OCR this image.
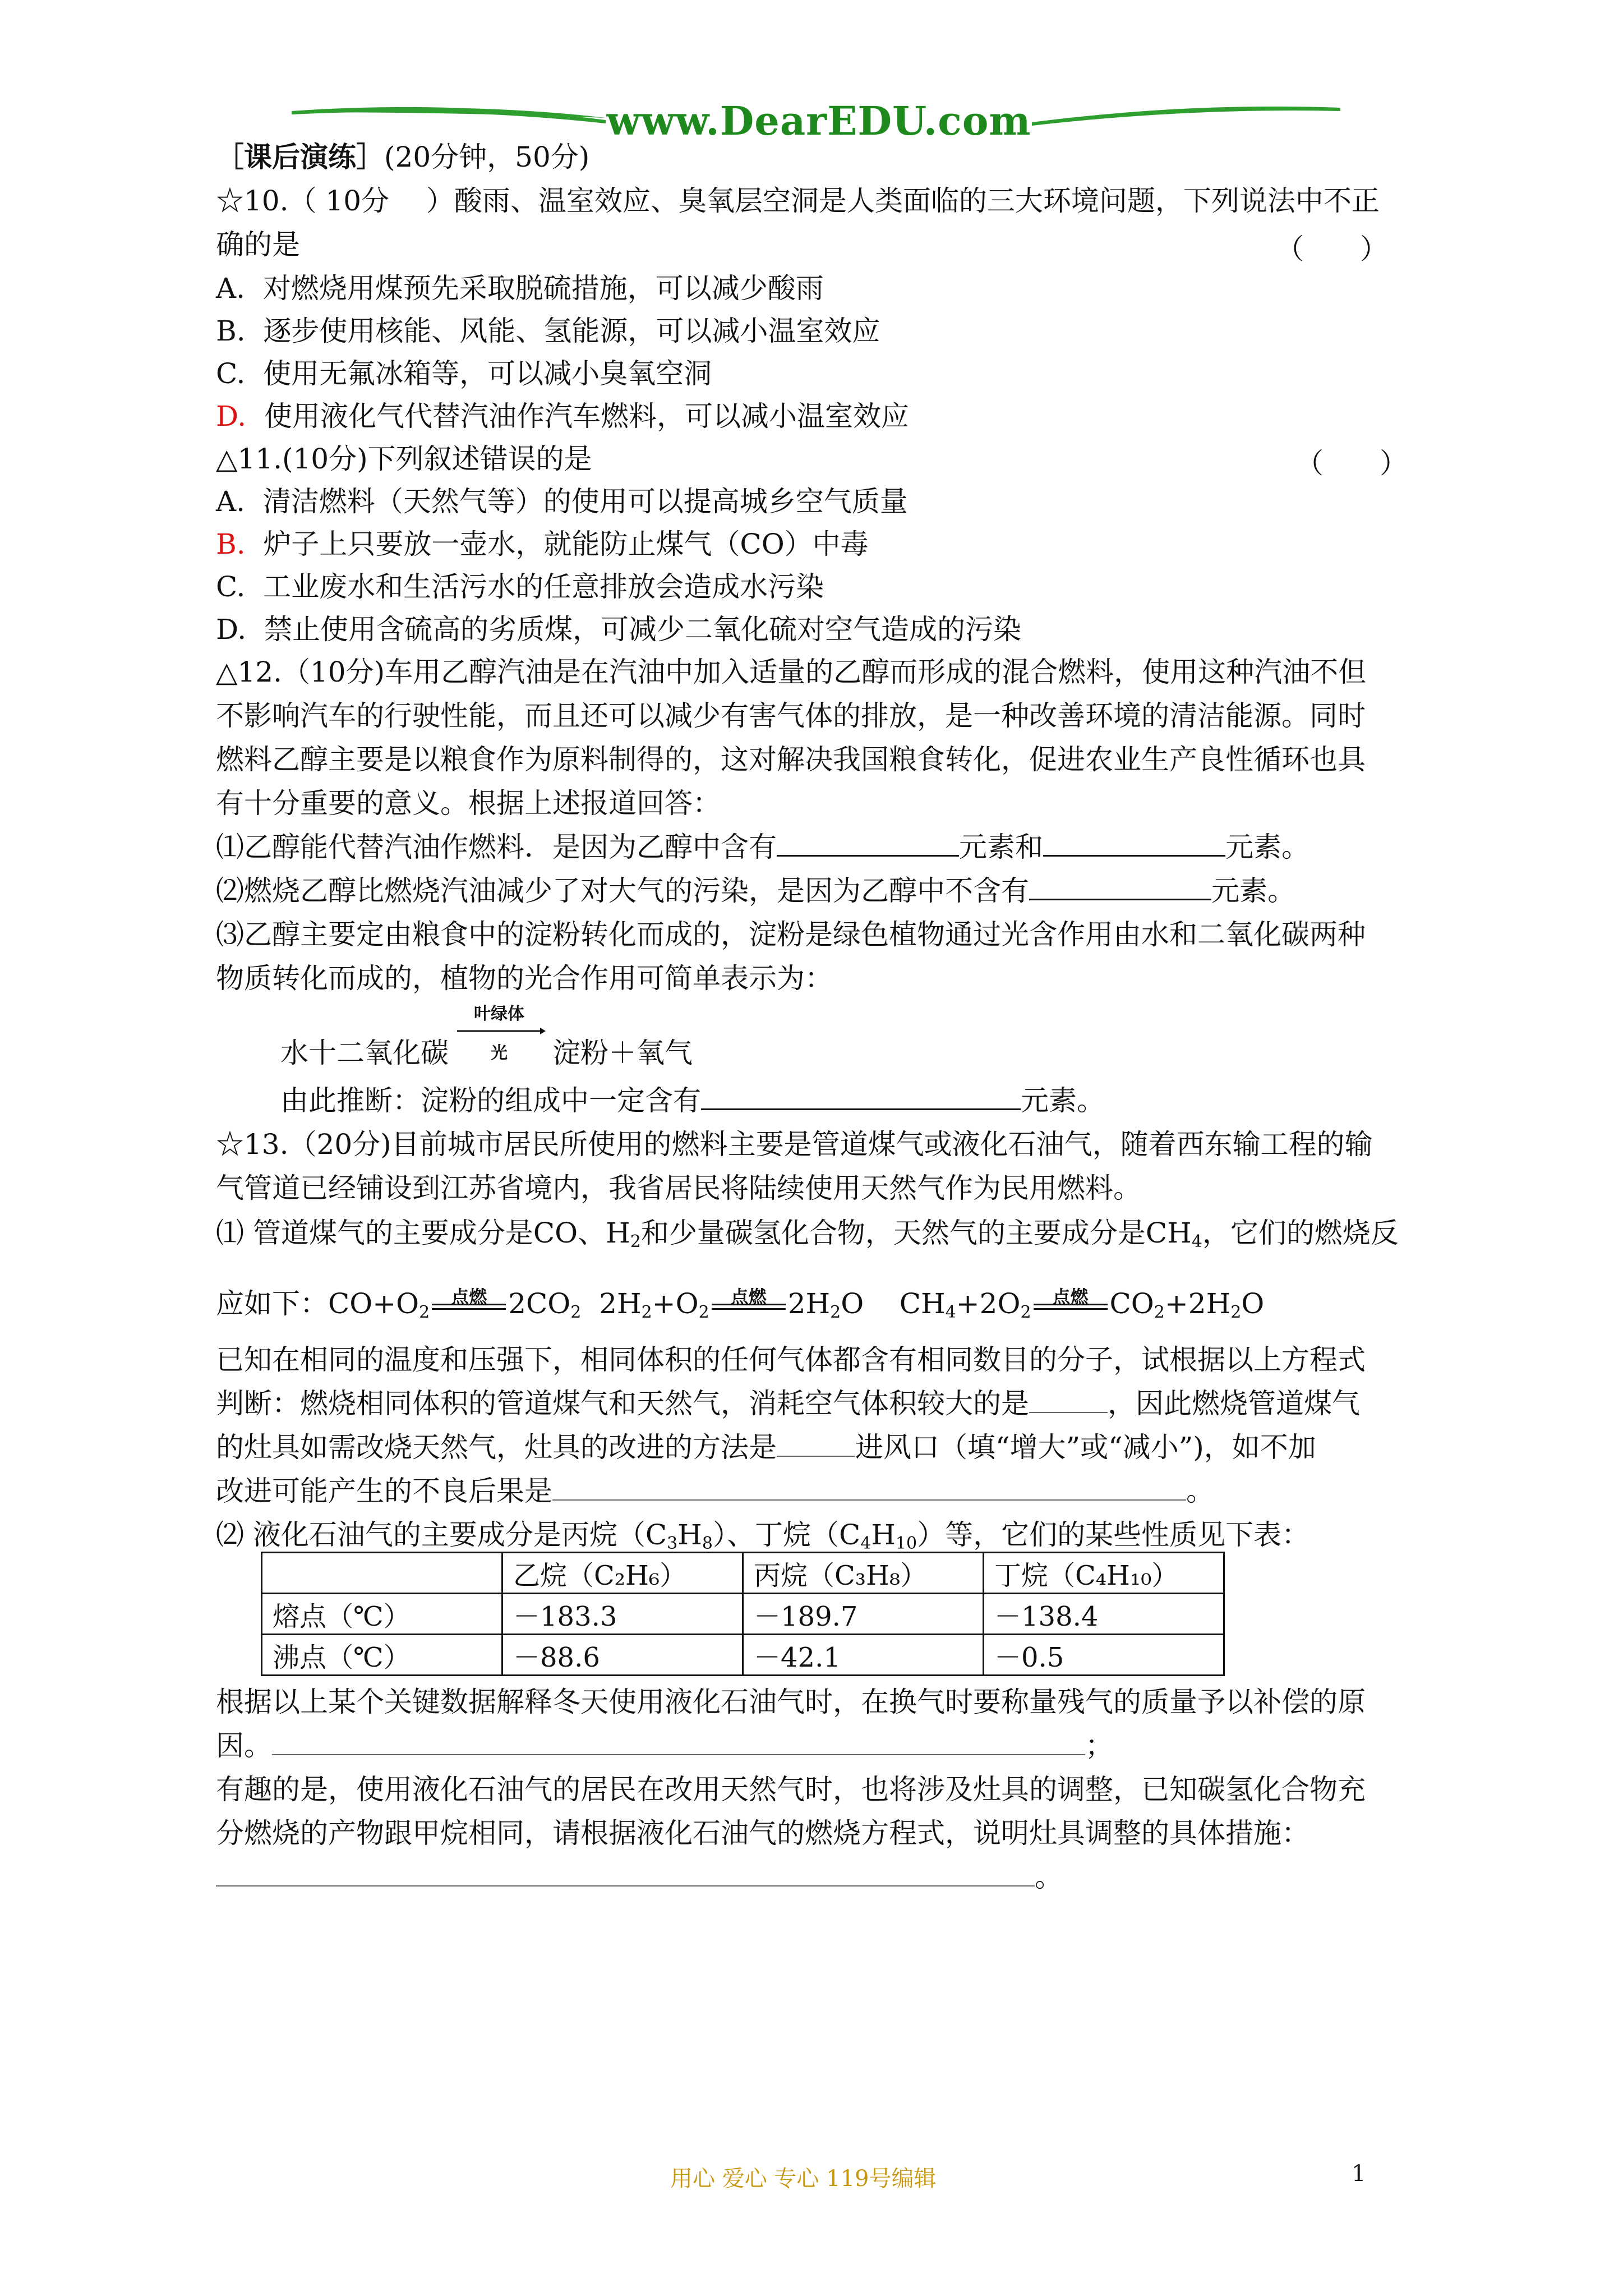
www.DearEDU.com
［课后演练］(20分钟，50分)
☆10.（ 10分　 ）酸雨、温室效应、臭氧层空洞是人类面临的三大环境问题，下列说法中不正
确的是	（　　）
A. 对燃烧用煤预先采取脱硫措施，可以减少酸雨
B. 逐步使用核能、风能、氢能源，可以减小温室效应
C. 使用无氟冰箱等，可以减小臭氧空洞
D. 使用液化气代替汽油作汽车燃料，可以减小温室效应
△11.(10分)下列叙述错误的是	（　　）
A. 清洁燃料（天然气等）的使用可以提高城乡空气质量
B. 炉子上只要放一壶水，就能防止煤气（CO）中毒
C. 工业废水和生活污水的任意排放会造成水污染
D. 禁止使用含硫高的劣质煤，可减少二氧化硫对空气造成的污染
△12.（10分)车用乙醇汽油是在汽油中加入适量的乙醇而形成的混合燃料，使用这种汽油不但
不影响汽车的行驶性能，而且还可以减少有害气体的排放，是一种改善环境的清洁能源。同时
燃料乙醇主要是以粮食作为原料制得的，这对解决我国粮食转化，促进农业生产良性循环也具
有十分重要的意义。根据上述报道回答：
⑴乙醇能代替汽油作燃料．是因为乙醇中含有	元素和	元素。
⑵燃烧乙醇比燃烧汽油减少了对大气的污染，是因为乙醇中不含有	元素。
⑶乙醇主要定由粮食中的淀粉转化而成的，淀粉是绿色植物通过光含作用由水和二氧化碳两种
物质转化而成的，植物的光合作用可简单表示为：
水十二氧化碳
叶绿体
光	淀粉＋氧气
由此推断：淀粉的组成中一定含有	元素。
☆13.（20分)目前城市居民所使用的燃料主要是管道煤气或液化石油气，随着西东输工程的输
气管道已经铺设到江苏省境内，我省居民将陆续使用天然气作为民用燃料。
⑴ 管道煤气的主要成分是CO、$H_2$和少量碳氢化合物，天然气的主要成分是$CH_4$，它们的燃烧反
应如下：$CO+O_2$
点燃 $2CO_2$ $2H_2+O_2$
点燃 $2H_2O$ $CH_4+2O_2$
点燃 $CO_2+2H_2O$
已知在相同的温度和压强下，相同体积的任何气体都含有相同数目的分子，试根据以上方程式
判断：燃烧相同体积的管道煤气和天然气，消耗空气体积较大的是	，因此燃烧管道煤气
的灶具如需改烧天然气，灶具的改进的方法是	进风口（填“增大”或“减小”)，如不加
改进可能产生的不良后果是	。
⑵ 液化石油气的主要成分是丙烷$(C_3H_8)$、丁烷$(C_4H_{10})$等，它们的某些性质见下表：
	乙烷（C₂H₆）	丙烷（C₃H₈）	丁烷（C₄H₁₀）
熔点（℃）	－183.3	－189.7	－138.4
沸点（℃）	－88.6	－42.1	－0.5
根据以上某个关键数据解释冬天使用液化石油气时，在换气时要称量残气的质量予以补偿的原
因。	；
有趣的是，使用液化石油气的居民在改用天然气时，也将涉及灶具的调整，已知碳氢化合物充
分燃烧的产物跟甲烷相同，请根据液化石油气的燃烧方程式，说明灶具调整的具体措施：
。
用心 爱心 专心 119号编辑	1
